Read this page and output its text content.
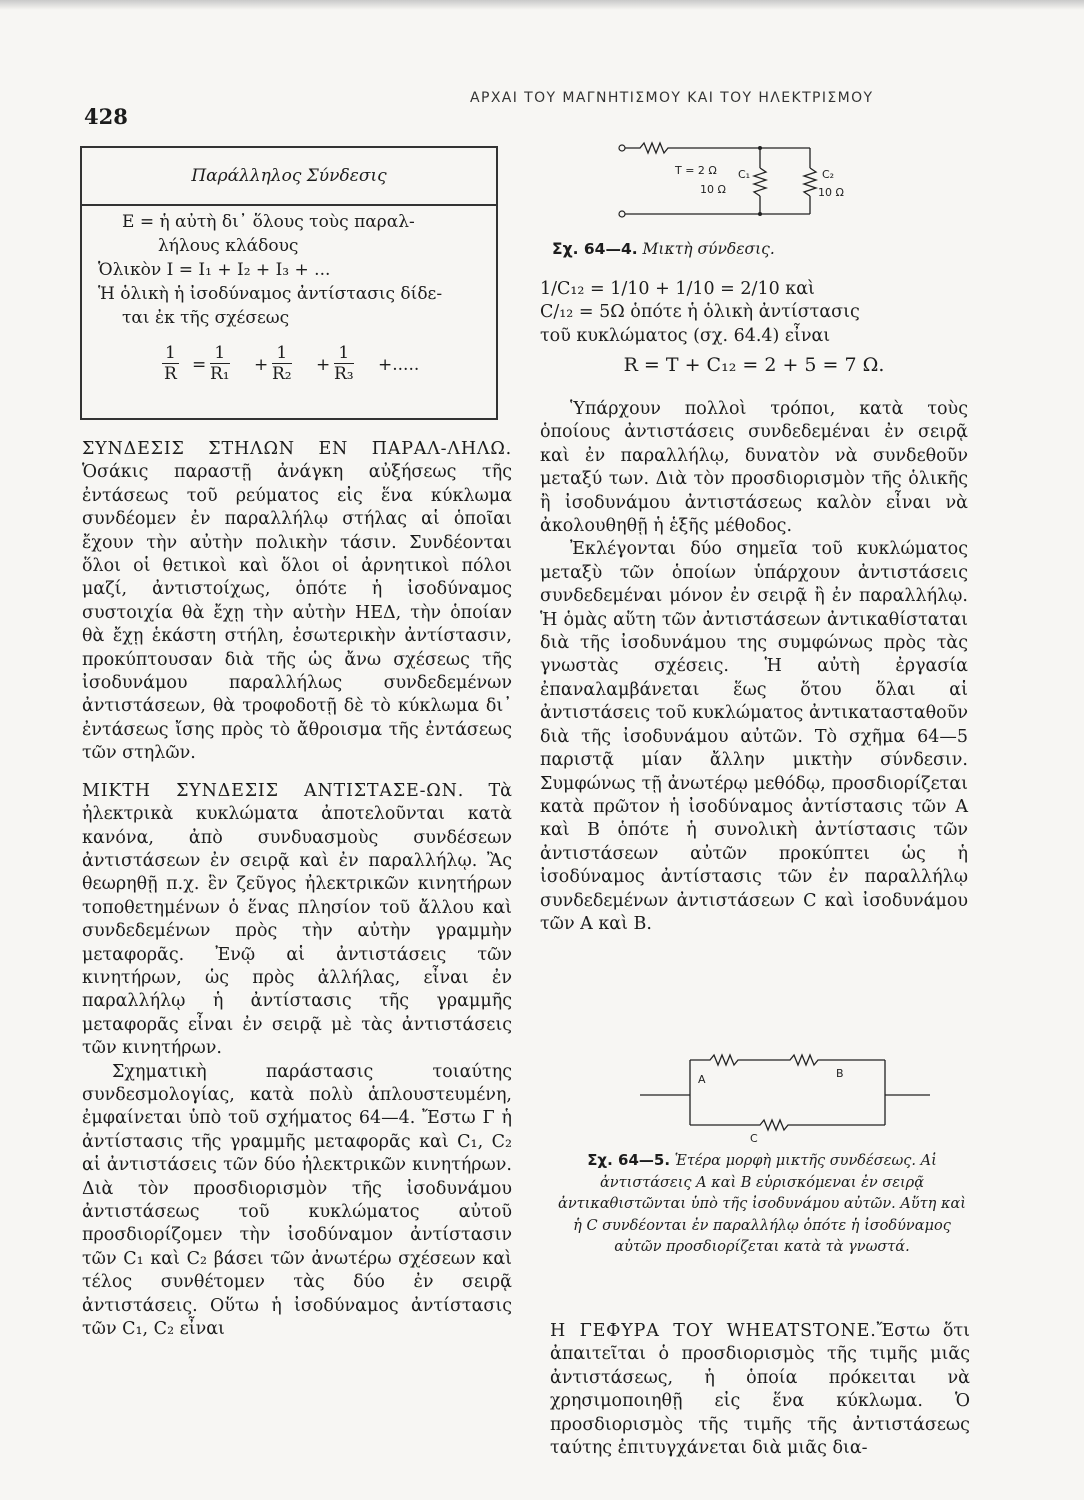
428
ΑΡΧΑΙ ΤΟΥ ΜΑΓΝΗΤΙΣΜΟΥ ΚΑΙ ΤΟΥ ΗΛΕΚΤΡΙΣΜΟΥ
Παράλληλος Σύνδεσις

Ε = ἡ αὐτὴ δι᾽ ὅλους τοὺς παραλ-

λήλους κλάδους

Ὁλικὸν Ι = Ι₁ + Ι₂ + Ι₃ + ...

Ἡ ὁλικὴ ἡ ἰσοδύναμος ἀντίστασις δίδε-

ται ἐκ τῆς σχέσεως

$\frac{1}{R} = \frac{1}{\text{R₁}} + \frac{1}{\text{R₂}} + \frac{1}{\text{R₃}}$ +.....

ΣΥΝΔΕΣΙΣ ΣΤΗΛΩΝ ΕΝ ΠΑΡΑΛ-ΛΗΛΩ. Ὁσάκις παραστῇ ἀνάγκη αὐξήσεως τῆς ἐντάσεως τοῦ ρεύματος εἰς ἕνα κύκλωμα συνδέομεν ἐν παραλλήλῳ στήλας αἱ ὁποῖαι ἔχουν τὴν αὐτὴν πολικὴν τάσιν. Συνδέονται ὅλοι οἱ θετικοὶ καὶ ὅλοι οἱ ἀρνητικοὶ πόλοι μαζί, ἀντιστοίχως, ὁπότε ἡ ἰσοδύναμος συστοιχία θὰ ἔχῃ τὴν αὐτὴν ΗΕΔ, τὴν ὁποίαν θὰ ἔχῃ ἑκάστη στήλη, ἐσωτερικὴν ἀντίστασιν, προκύπτουσαν διὰ τῆς ὡς ἄνω σχέσεως τῆς ἰσοδυνάμου παραλλήλως συνδεδεμένων ἀντιστάσεων, θὰ τροφοδοτῇ δὲ τὸ κύκλωμα δι᾽ ἐντάσεως ἴσης πρὸς τὸ ἄθροισμα τῆς ἐντάσεως τῶν στηλῶν.

ΜΙΚΤΗ ΣΥΝΔΕΣΙΣ ΑΝΤΙΣΤΑΣΕ-ΩΝ. Τὰ ἠλεκτρικὰ κυκλώματα ἀποτελοῦνται κατὰ κανόνα, ἀπὸ συνδυασμοὺς συνδέσεων ἀντιστάσεων ἐν σειρᾷ καὶ ἐν παραλλήλῳ. Ἂς θεωρηθῇ π.χ. ἓν ζεῦγος ἠλεκτρικῶν κινητήρων τοποθετημένων ὁ ἕνας πλησίον τοῦ ἄλλου καὶ συνδεδεμένων πρὸς τὴν αὐτὴν γραμμὴν μεταφορᾶς. Ἐνῷ αἱ ἀντιστάσεις τῶν κινητήρων, ὡς πρὸς ἀλλήλας, εἶναι ἐν παραλλήλῳ ἡ ἀντίστασις τῆς γραμμῆς μεταφορᾶς εἶναι ἐν σειρᾷ μὲ τὰς ἀντιστάσεις τῶν κινητήρων.

Σχηματικὴ παράστασις τοιαύτης συνδεσμολογίας, κατὰ πολὺ ἁπλουστευμένη, ἐμφαίνεται ὑπὸ τοῦ σχήματος 64—4. Ἔστω Γ ἡ ἀντίστασις τῆς γραμμῆς μεταφορᾶς καὶ C₁, C₂ αἱ ἀντιστάσεις τῶν δύο ἠλεκτρικῶν κινητήρων. Διὰ τὸν προσδιορισμὸν τῆς ἰσοδυνάμου ἀντιστάσεως τοῦ κυκλώματος αὐτοῦ προσδιορίζομεν τὴν ἰσοδύναμον ἀντίστασιν τῶν C₁ καὶ C₂ βάσει τῶν ἀνωτέρω σχέσεων καὶ τέλος συνθέτομεν τὰς δύο ἐν σειρᾷ ἀντιστάσεις. Οὕτω ἡ ἰσοδύναμος ἀντίστασις τῶν C₁, C₂ εἶναι

T = 2 Ω C₁
10 Ω
C₂
10 Ω
Σχ. 64—4. Μικτὴ σύνδεσις.

1/C₁₂ = 1/10 + 1/10 = 2/10 καὶ

C/₁₂ = 5Ω ὁπότε ἡ ὁλικὴ ἀντίστασις

τοῦ κυκλώματος (σχ. 64.4) εἶναι

R = T + C₁₂ = 2 + 5 = 7 Ω.

Ὑπάρχουν πολλοὶ τρόποι, κατὰ τοὺς ὁποίους ἀντιστάσεις συνδεδεμέναι ἐν σειρᾷ καὶ ἐν παραλλήλῳ, δυνατὸν νὰ συνδεθοῦν μεταξύ των. Διὰ τὸν προσδιορισμὸν τῆς ὁλικῆς ἢ ἰσοδυνάμου ἀντιστάσεως καλὸν εἶναι νὰ ἀκολουθηθῇ ἡ ἑξῆς μέθοδος.

Ἐκλέγονται δύο σημεῖα τοῦ κυκλώματος μεταξὺ τῶν ὁποίων ὑπάρχουν ἀντιστάσεις συνδεδεμέναι μόνον ἐν σειρᾷ ἢ ἐν παραλλήλῳ. Ἡ ὁμὰς αὕτη τῶν ἀντιστάσεων ἀντικαθίσταται διὰ τῆς ἰσοδυνάμου της συμφώνως πρὸς τὰς γνωστὰς σχέσεις. Ἡ αὐτὴ ἐργασία ἐπαναλαμβάνεται ἕως ὅτου ὅλαι αἱ ἀντιστάσεις τοῦ κυκλώματος ἀντικατασταθοῦν διὰ τῆς ἰσοδυνάμου αὐτῶν. Τὸ σχῆμα 64—5 παριστᾷ μίαν ἄλλην μικτὴν σύνδεσιν. Συμφώνως τῇ ἀνωτέρῳ μεθόδῳ, προσδιορίζεται κατὰ πρῶτον ἡ ἰσοδύναμος ἀντίστασις τῶν Α καὶ Β ὁπότε ἡ συνολικὴ ἀντίστασις τῶν ἀντιστάσεων αὐτῶν προκύπτει ὡς ἡ ἰσοδύναμος ἀντίστασις τῶν ἐν παραλλήλῳ συνδεδεμένων ἀντιστάσεων C καὶ ἰσοδυνάμου τῶν Α καὶ Β.

A	B
C
Σχ. 64—5. Ἑτέρα μορφὴ μικτῆς συνδέσεως. Αἱ ἀντιστάσεις Α καὶ Β εὑρισκόμεναι ἐν σειρᾷ ἀντικαθιστῶνται ὑπὸ τῆς ἰσοδυνάμου αὐτῶν. Αὕτη καὶ ἡ C συνδέονται ἐν παραλλήλῳ ὁπότε ἡ ἰσοδύναμος αὐτῶν προσδιορίζεται κατὰ τὰ γνωστά.

Η ΓΕΦΥΡΑ ΤΟΥ WHEATSTONE.Ἔστω ὅτι ἀπαιτεῖται ὁ προσδιορισμὸς τῆς τιμῆς μιᾶς ἀντιστάσεως, ἡ ὁποία πρόκειται νὰ χρησιμοποιηθῇ εἰς ἕνα κύκλωμα. Ὁ προσδιορισμὸς τῆς τιμῆς τῆς ἀντιστάσεως ταύτης ἐπιτυγχάνεται διὰ μιᾶς δια-
